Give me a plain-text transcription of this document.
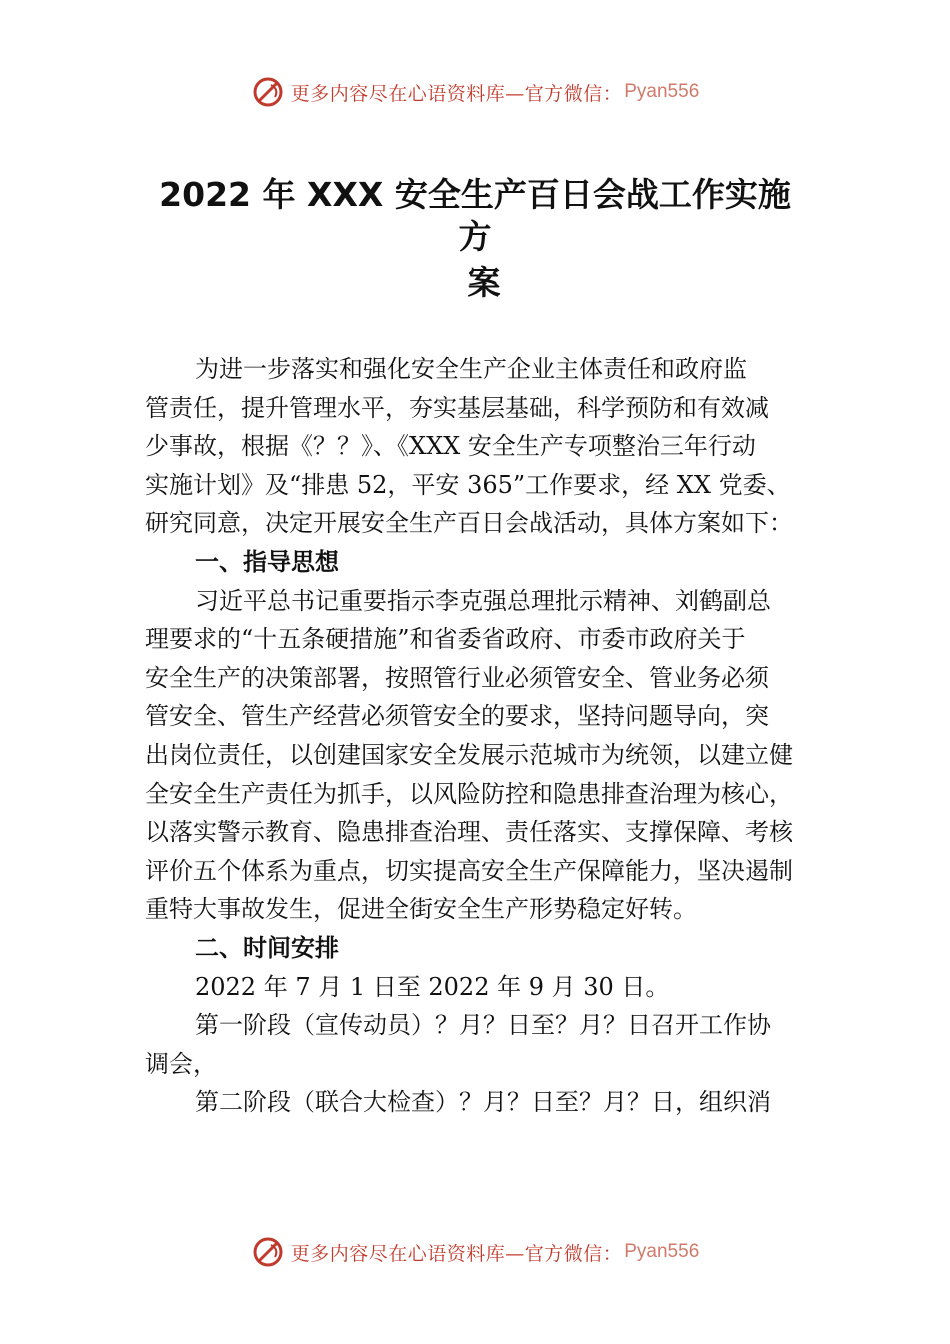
更多内容尽在心语资料库—官方微信： Pyan556
2022 年 XXX 安全生产百日会战工作实施
方
案
为进一步落实和强化安全生产企业主体责任和政府监
管责任，提升管理水平，夯实基层基础，科学预防和有效减
少事故，根据《？？》、《XXX 安全生产专项整治三年行动
实施计划》及“排患 52，平安 365”工作要求，经 XX 党委、
研究同意，决定开展安全生产百日会战活动，具体方案如下：
一、指导思想
习近平总书记重要指示李克强总理批示精神、刘鹤副总
理要求的“十五条硬措施”和省委省政府、市委市政府关于
安全生产的决策部署，按照管行业必须管安全、管业务必须
管安全、管生产经营必须管安全的要求，坚持问题导向，突
出岗位责任，以创建国家安全发展示范城市为统领，以建立健
全安全生产责任为抓手，以风险防控和隐患排查治理为核心，
以落实警示教育、隐患排查治理、责任落实、支撑保障、考核
评价五个体系为重点，切实提高安全生产保障能力，坚决遏制
重特大事故发生，促进全街安全生产形势稳定好转。
二、时间安排
2022 年 7 月 1 日至 2022 年 9 月 30 日。
第一阶段（宣传动员）？月？日至？月？日召开工作协
调会，
第二阶段（联合大检查）？月？日至？月？日，组织消
更多内容尽在心语资料库—官方微信： Pyan556
